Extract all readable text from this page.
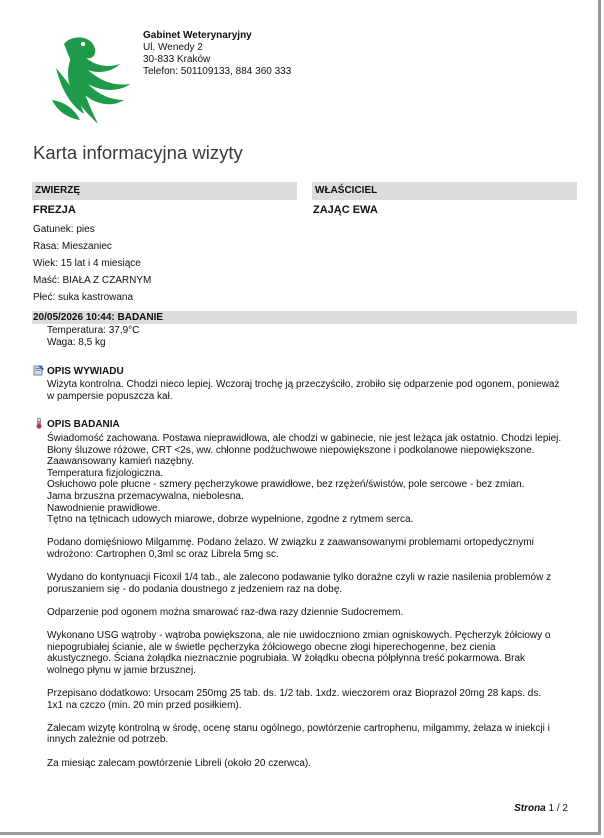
Gabinet Weterynaryjny
Ul. Wenedy 2
30-833 Kraków
Telefon: 501109133, 884 360 333
Karta informacyjna wizyty
ZWIERZĘ	WŁAŚCICIEL
FREZJA	ZAJĄC EWA
Gatunek: pies
Rasa: Mieszaniec
Wiek: 15 lat i 4 miesiące
Maść: BIAŁA Z CZARNYM
Płeć: suka kastrowana
20/05/2026 10:44: BADANIE
Temperatura: 37,9°C
Waga: 8,5 kg
OPIS WYWIADU
Wizyta kontrolna. Chodzi nieco lepiej. Wczoraj trochę ją przeczyściło, zrobiło się odparzenie pod ogonem, ponieważ
w pampersie popuszcza kał.
OPIS BADANIA

Świadomość zachowana. Postawa nieprawidłowa, ale chodzi w gabinecie, nie jest leżąca jak ostatnio. Chodzi lepiej.
Błony śluzowe różowe, CRT <2s, ww. chłonne podżuchwowe niepowiększone i podkolanowe niepowiększone.
Zaawansowany kamień nazębny.
Temperatura fizjologiczna.
Osłuchowo pole płucne - szmery pęcherzykowe prawidłowe, bez rzężeń/świstów, pole sercowe - bez zmian.
Jama brzuszna przemacywalna, niebolesna.
Nawodnienie prawidłowe.
Tętno na tętnicach udowych miarowe, dobrze wypełnione, zgodne z rytmem serca.

Podano domięśniowo Milgammę. Podano żelazo. W związku z zaawansowanymi problemami ortopedycznymi
wdrożono: Cartrophen 0,3ml sc oraz Librela 5mg sc.

Wydano do kontynuacji Ficoxil 1/4 tab., ale zalecono podawanie tylko doraźne czyli w razie nasilenia problemów z
poruszaniem się - do podania doustnego z jedzeniem raz na dobę.

Odparzenie pod ogonem można smarować raz-dwa razy dziennie Sudocremem.

Wykonano USG wątroby - wątroba powiększona, ale nie uwidoczniono zmian ogniskowych. Pęcherzyk żółciowy o
niepogrubiałej ścianie, ale w świetle pęcherzyka żółciowego obecne złogi hiperechogenne, bez cienia
akustycznego. Ściana żołądka nieznacznie pogrubiała. W żołądku obecna półpłynna treść pokarmowa. Brak
wolnego płynu w jamie brzusznej.

Przepisano dodatkowo: Ursocam 250mg 25 tab. ds. 1/2 tab. 1xdz. wieczorem oraz Bioprazol 20mg 28 kaps. ds.
1x1 na czczo (min. 20 min przed posiłkiem).

Zalecam wizytę kontrolną w środę, ocenę stanu ogólnego, powtórzenie cartrophenu, milgammy, żelaza w iniekcji i
innych zależnie od potrzeb.

Za miesiąc zalecam powtórzenie Libreli (około 20 czerwca).

Strona 1 / 2
